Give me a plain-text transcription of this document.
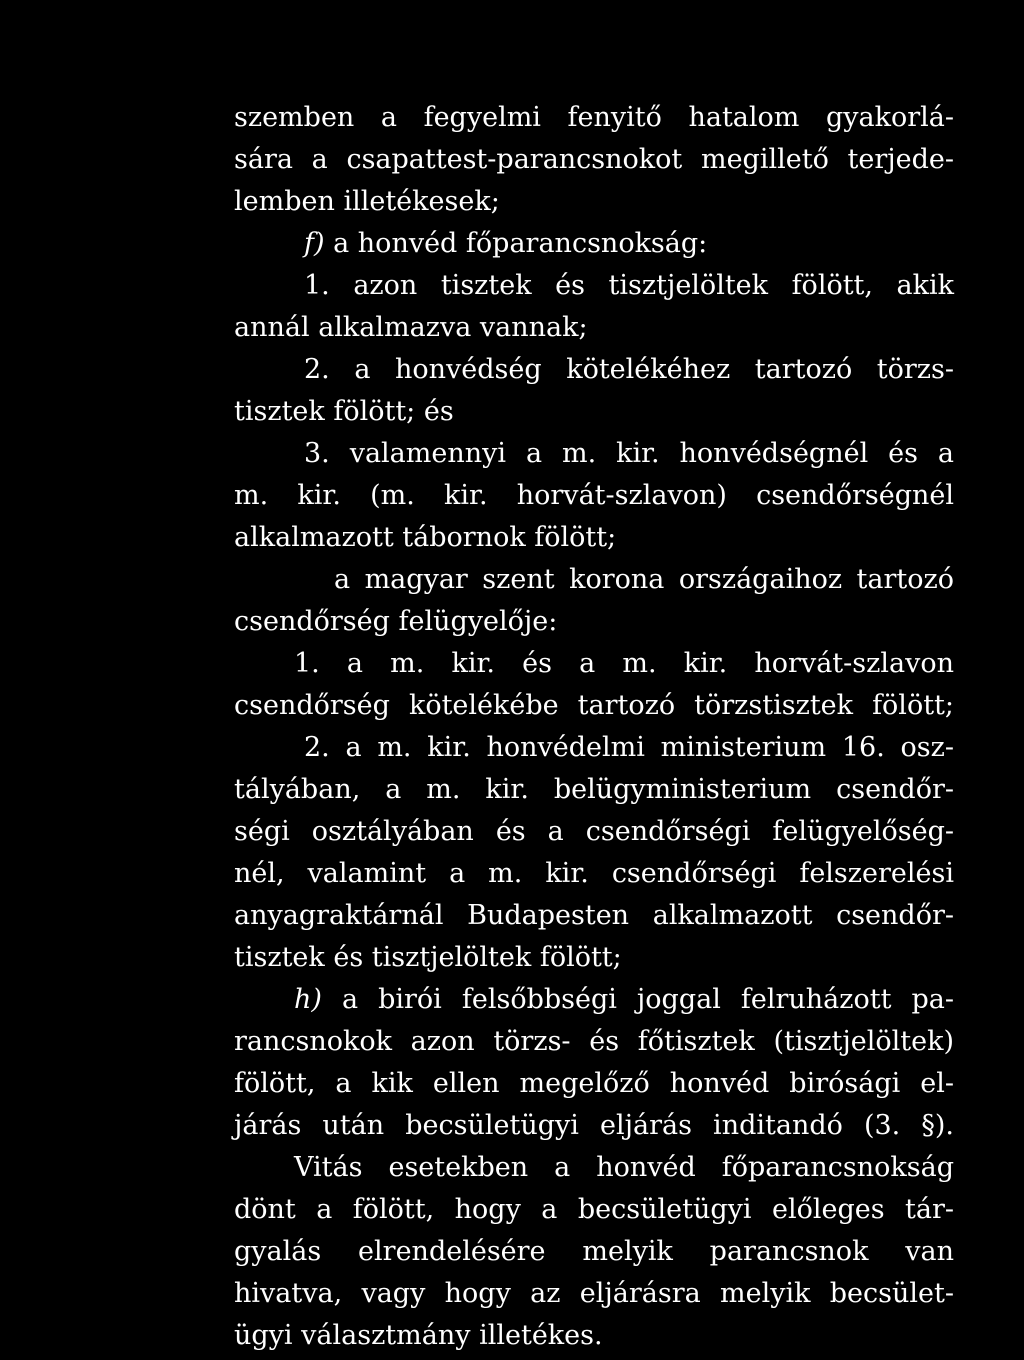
szemben a fegyelmi fenyitő hatalom gyakorlá-
sára a csapattest-parancsnokot megillető terjede-
lemben illetékesek;
f) a honvéd főparancsnokság:
1. azon tisztek és tisztjelöltek fölött, akik
annál alkalmazva vannak;
2. a honvédség kötelékéhez tartozó törzs-
tisztek fölött; és
3. valamennyi a m. kir. honvédségnél és a
m. kir. (m. kir. horvát-szlavon) csendőrségnél
alkalmazott tábornok fölött;
a magyar szent korona országaihoz tartozó
csendőrség felügyelője:
1. a m. kir. és a m. kir. horvát-szlavon
csendőrség kötelékébe tartozó törzstisztek fölött;
2. a m. kir. honvédelmi ministerium 16. osz-
tályában, a m. kir. belügyministerium csendőr-
ségi osztályában és a csendőrségi felügyelőség-
nél, valamint a m. kir. csendőrségi felszerelési
anyagraktárnál Budapesten alkalmazott csendőr-
tisztek és tisztjelöltek fölött;
h) a birói felsőbbségi joggal felruházott pa-
rancsnokok azon törzs- és főtisztek (tisztjelöltek)
fölött, a kik ellen megelőző honvéd birósági el-
járás után becsületügyi eljárás inditandó (3. §).
Vitás esetekben a honvéd főparancsnokság
dönt a fölött, hogy a becsületügyi előleges tár-
gyalás elrendelésére melyik parancsnok van
hivatva, vagy hogy az eljárásra melyik becsület-
ügyi választmány illetékes.
